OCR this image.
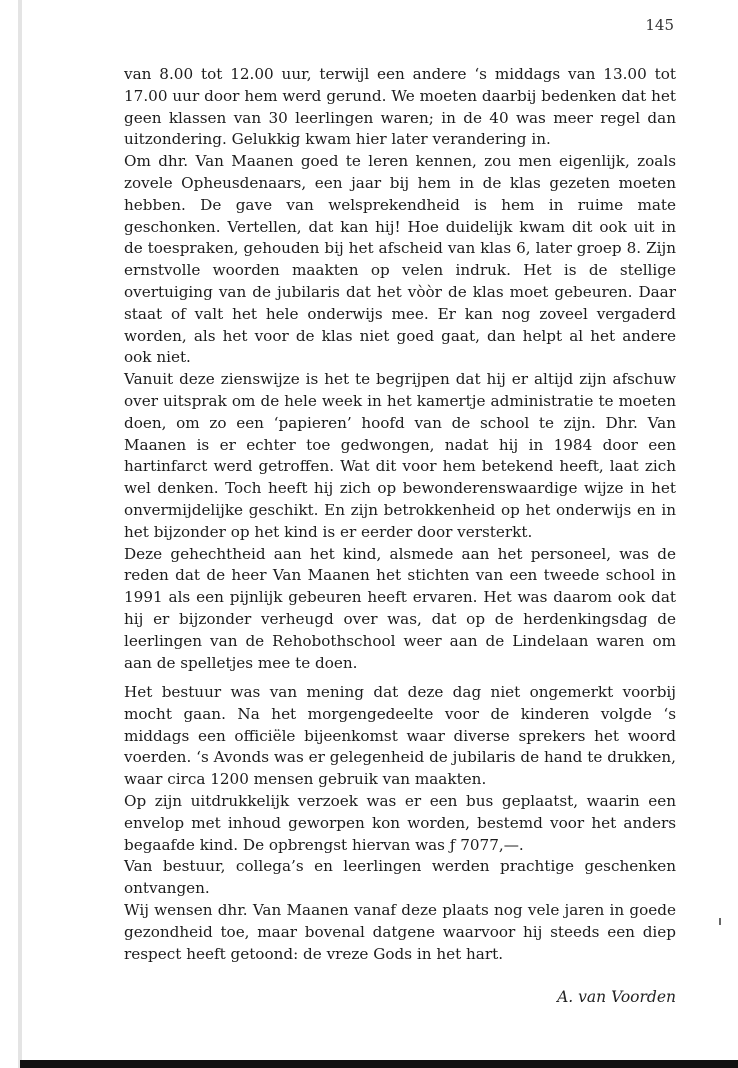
145

van 8.00 tot 12.00 uur, terwijl een andere ‘s middags van 13.00 tot 17.00 uur door hem werd gerund. We moeten daarbij bedenken dat het geen klassen van 30 leerlingen waren; in de 40 was meer regel dan uitzondering. Gelukkig kwam hier later verandering in.

Om dhr. Van Maanen goed te leren kennen, zou men eigenlijk, zoals zovele Opheusdenaars, een jaar bij hem in de klas gezeten moeten hebben. De gave van welsprekendheid is hem in ruime mate geschonken. Vertellen, dat kan hij! Hoe duidelijk kwam dit ook uit in de toespraken, gehouden bij het afscheid van klas 6, later groep 8. Zijn ernstvolle woorden maakten op velen indruk. Het is de stellige overtuiging van de jubilaris dat het vòòr de klas moet gebeuren. Daar staat of valt het hele onderwijs mee. Er kan nog zoveel vergaderd worden, als het voor de klas niet goed gaat, dan helpt al het andere ook niet.

Vanuit deze zienswijze is het te begrijpen dat hij er altijd zijn afschuw over uitsprak om de hele week in het kamertje administratie te moeten doen, om zo een ‘papieren’ hoofd van de school te zijn. Dhr. Van Maanen is er echter toe gedwongen, nadat hij in 1984 door een hartinfarct werd getroffen. Wat dit voor hem betekend heeft, laat zich wel denken. Toch heeft hij zich op bewonderenswaardige wijze in het onvermijdelijke geschikt. En zijn betrokkenheid op het onderwijs en in het bijzonder op het kind is er eerder door versterkt.

Deze gehechtheid aan het kind, alsmede aan het personeel, was de reden dat de heer Van Maanen het stichten van een tweede school in 1991 als een pijnlijk gebeuren heeft ervaren. Het was daarom ook dat hij er bijzonder verheugd over was, dat op de herdenkingsdag de leerlingen van de Rehobothschool weer aan de Lindelaan waren om aan de spelletjes mee te doen.

Het bestuur was van mening dat deze dag niet ongemerkt voorbij mocht gaan. Na het morgengedeelte voor de kinderen volgde ‘s middags een officiële bijeenkomst waar diverse sprekers het woord voerden. ‘s Avonds was er gelegenheid de jubilaris de hand te drukken, waar circa 1200 mensen gebruik van maakten.

Op zijn uitdrukkelijk verzoek was er een bus geplaatst, waarin een envelop met inhoud geworpen kon worden, bestemd voor het anders begaafde kind. De opbrengst hiervan was ƒ 7077,—.

Van bestuur, collega’s en leerlingen werden prachtige geschenken ontvangen.

Wij wensen dhr. Van Maanen vanaf deze plaats nog vele jaren in goede gezondheid toe, maar bovenal datgene waarvoor hij steeds een diep respect heeft getoond: de vreze Gods in het hart.

A. van Voorden
